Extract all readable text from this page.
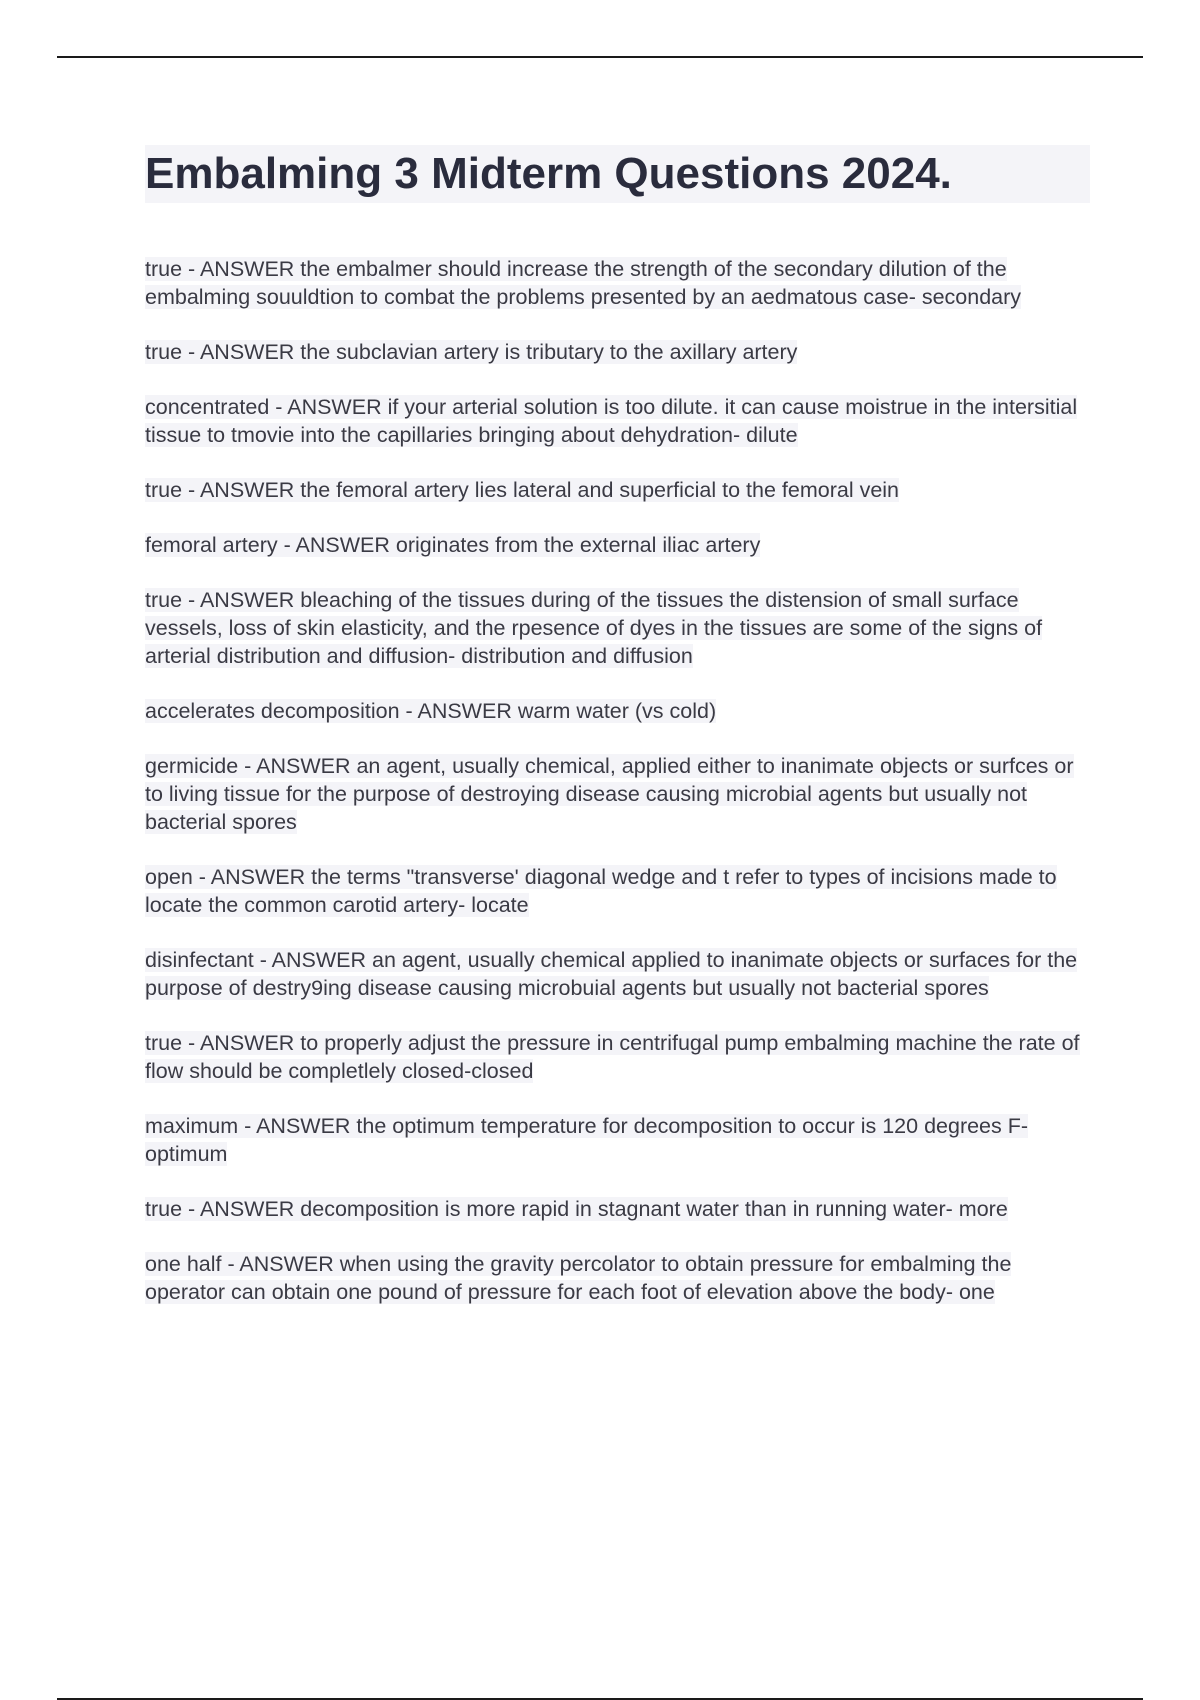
Embalming 3 Midterm Questions 2024.
true - ANSWER the embalmer should increase the strength of the secondary dilution of the embalming souuldtion to combat the problems presented by an aedmatous case- secondary
true - ANSWER the subclavian artery is tributary to the axillary artery
concentrated - ANSWER if your arterial solution is too dilute. it can cause moistrue in the intersitial tissue to tmovie into the capillaries bringing about dehydration- dilute
true - ANSWER the femoral artery lies lateral and superficial to the femoral vein
femoral artery - ANSWER originates from the external iliac artery
true - ANSWER bleaching of the tissues during of the tissues the distension of small surface vessels, loss of skin elasticity, and the rpesence of dyes in the tissues are some of the signs of arterial distribution and diffusion- distribution and diffusion
accelerates decomposition - ANSWER warm water (vs cold)
germicide - ANSWER an agent, usually chemical, applied either to inanimate objects or surfces or to living tissue for the purpose of destroying disease causing microbial agents but usually not bacterial spores
open - ANSWER the terms "transverse' diagonal wedge and t refer to types of incisions made to locate the common carotid artery- locate
disinfectant - ANSWER an agent, usually chemical applied to inanimate objects or surfaces for the purpose of destry9ing disease causing microbuial agents but usually not bacterial spores
true - ANSWER to properly adjust the pressure in centrifugal pump embalming machine the rate of flow should be completlely closed-closed
maximum - ANSWER the optimum temperature for decomposition to occur is 120 degrees F-optimum
true - ANSWER decomposition is more rapid in stagnant water than in running water- more
one half - ANSWER when using the gravity percolator to obtain pressure for embalming the operator can obtain one pound of pressure for each foot of elevation above the body- one
